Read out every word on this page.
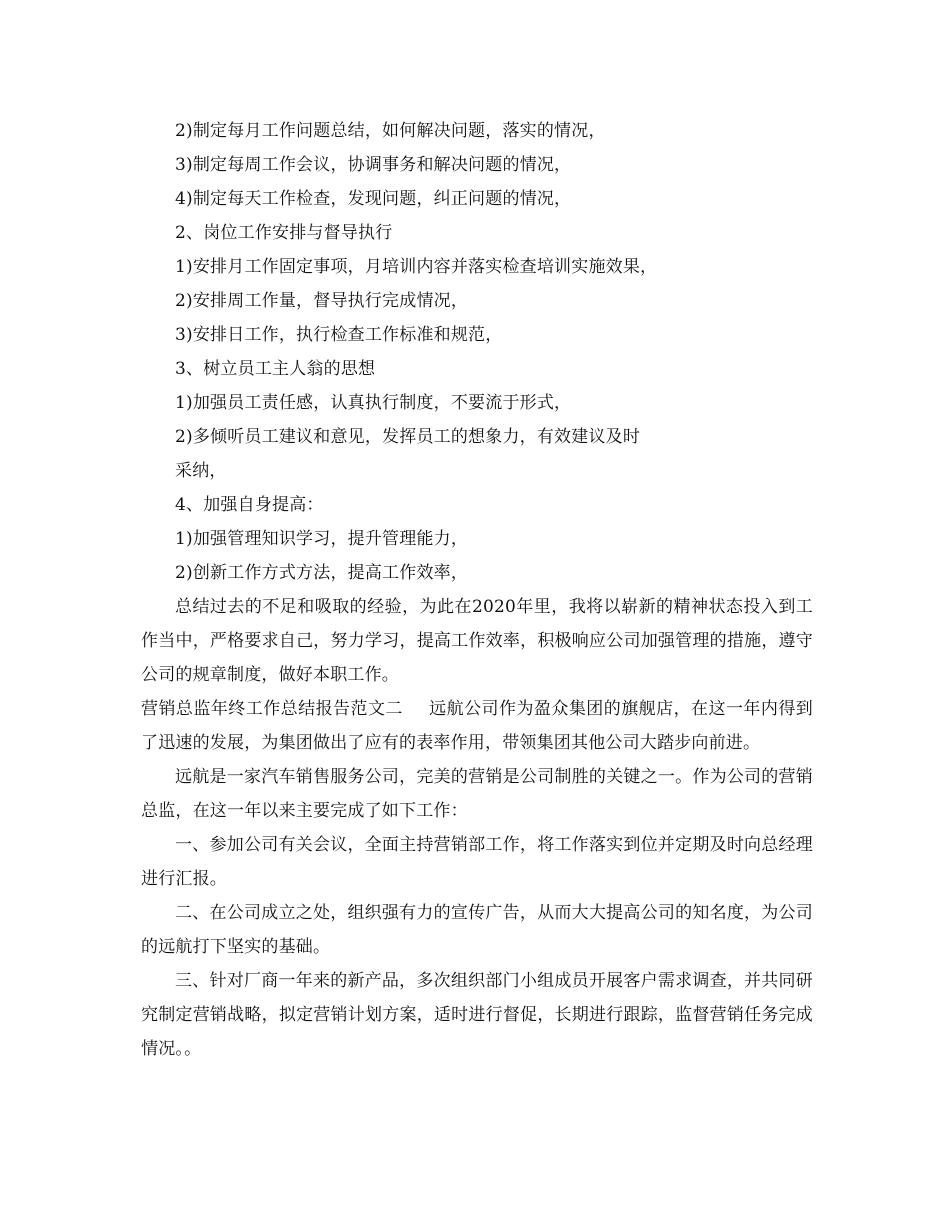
2)制定每月工作问题总结，如何解决问题，落实的情况，

3)制定每周工作会议，协调事务和解决问题的情况，

4)制定每天工作检查，发现问题，纠正问题的情况，

2、岗位工作安排与督导执行

1)安排月工作固定事项，月培训内容并落实检查培训实施效果，

2)安排周工作量，督导执行完成情况，

3)安排日工作，执行检查工作标准和规范，

3、树立员工主人翁的思想

1)加强员工责任感，认真执行制度，不要流于形式，

2)多倾听员工建议和意见，发挥员工的想象力，有效建议及时

采纳，

4、加强自身提高：

1)加强管理知识学习，提升管理能力，

2)创新工作方式方法，提高工作效率，

总结过去的不足和吸取的经验，为此在2020年里，我将以崭新的精神状态投入到工作当中，严格要求自己，努力学习，提高工作效率，积极响应公司加强管理的措施，遵守公司的规章制度，做好本职工作。

营销总监年终工作总结报告范文二 远航公司作为盈众集团的旗舰店，在这一年内得到了迅速的发展，为集团做出了应有的表率作用，带领集团其他公司大踏步向前进。

远航是一家汽车销售服务公司，完美的营销是公司制胜的关键之一。作为公司的营销总监，在这一年以来主要完成了如下工作：

一、参加公司有关会议，全面主持营销部工作，将工作落实到位并定期及时向总经理进行汇报。

二、在公司成立之处，组织强有力的宣传广告，从而大大提高公司的知名度，为公司的远航打下坚实的基础。

三、针对厂商一年来的新产品，多次组织部门小组成员开展客户需求调查，并共同研究制定营销战略，拟定营销计划方案，适时进行督促，长期进行跟踪，监督营销任务完成情况。。
